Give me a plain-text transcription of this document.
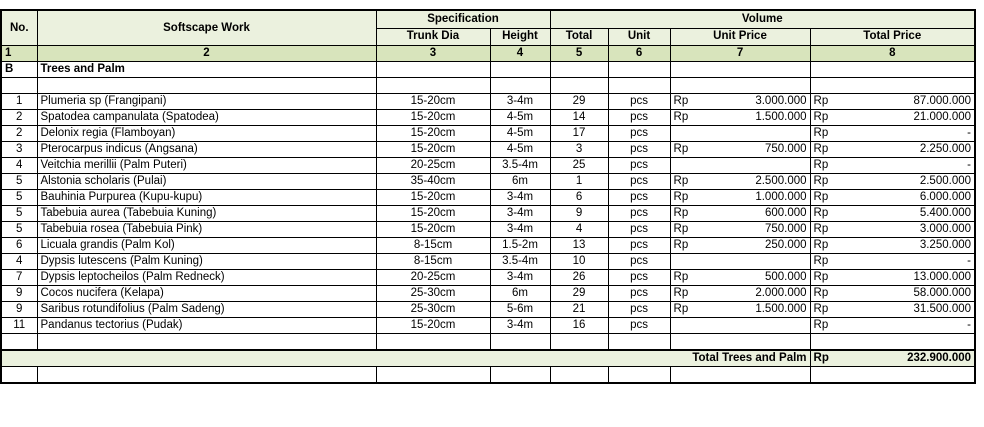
No.	Softscape Work	Specification		Volume					
		Trunk Dia	Height	Total	Unit	Unit Price		Total Price	
1	2	3	4	5	6	7		8	
B	Trees and Palm								

1	Plumeria sp (Frangipani)	15-20cm	3-4m	29	pcs	Rp	3.000.000	Rp	87.000.000
2	Spatodea campanulata (Spatodea)	15-20cm	4-5m	14	pcs	Rp	1.500.000	Rp	21.000.000
2	Delonix regia (Flamboyan)	15-20cm	4-5m	17	pcs			Rp	-
3	Pterocarpus indicus (Angsana)	15-20cm	4-5m	3	pcs	Rp	750.000	Rp	2.250.000
4	Veitchia merillii (Palm Puteri)	20-25cm	3.5-4m	25	pcs			Rp	-
5	Alstonia scholaris (Pulai)	35-40cm	6m	1	pcs	Rp	2.500.000	Rp	2.500.000
5	Bauhinia Purpurea (Kupu-kupu)	15-20cm	3-4m	6	pcs	Rp	1.000.000	Rp	6.000.000
5	Tabebuia aurea (Tabebuia Kuning)	15-20cm	3-4m	9	pcs	Rp	600.000	Rp	5.400.000
5	Tabebuia rosea (Tabebuia Pink)	15-20cm	3-4m	4	pcs	Rp	750.000	Rp	3.000.000
6	Licuala grandis (Palm Kol)	8-15cm	1.5-2m	13	pcs	Rp	250.000	Rp	3.250.000
4	Dypsis lutescens (Palm Kuning)	8-15cm	3.5-4m	10	pcs			Rp	-
7	Dypsis leptocheilos (Palm Redneck)	20-25cm	3-4m	26	pcs	Rp	500.000	Rp	13.000.000
9	Cocos nucifera (Kelapa)	25-30cm	6m	29	pcs	Rp	2.000.000	Rp	58.000.000
9	Saribus rotundifolius (Palm Sadeng)	25-30cm	5-6m	21	pcs	Rp	1.500.000	Rp	31.500.000
11	Pandanus tectorius (Pudak)	15-20cm	3-4m	16	pcs			Rp	-

Total Trees and Palm								Rp	232.900.000
